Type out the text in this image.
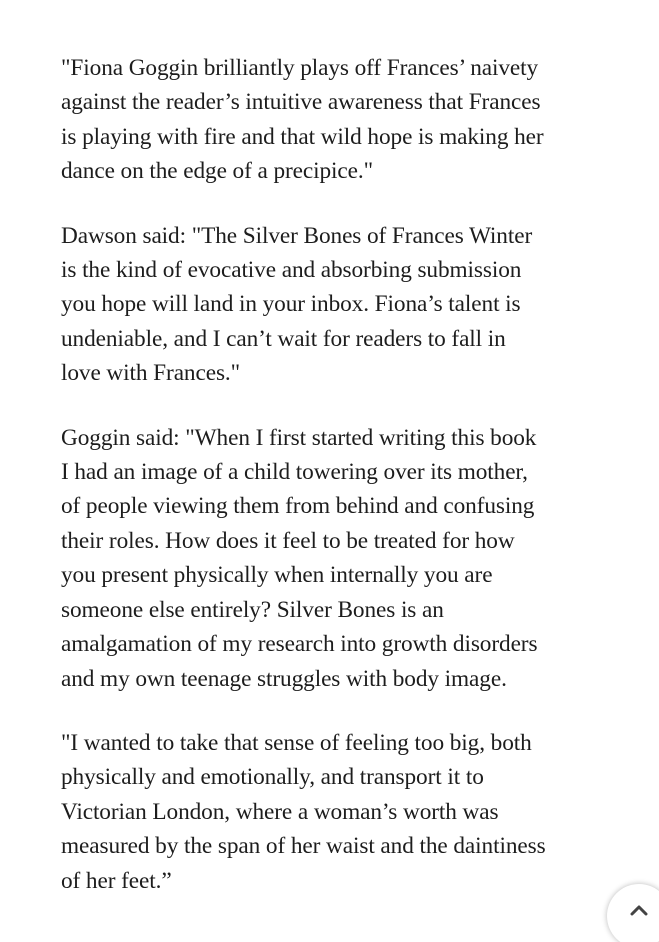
"Fiona Goggin brilliantly plays off Frances’ naivety
against the reader’s intuitive awareness that Frances
is playing with fire and that wild hope is making her
dance on the edge of a precipice."

Dawson said: "The Silver Bones of Frances Winter
is the kind of evocative and absorbing submission
you hope will land in your inbox. Fiona’s talent is
undeniable, and I can’t wait for readers to fall in
love with Frances."

Goggin said: "When I first started writing this book
I had an image of a child towering over its mother,
of people viewing them from behind and confusing
their roles. How does it feel to be treated for how
you present physically when internally you are
someone else entirely? Silver Bones is an
amalgamation of my research into growth disorders
and my own teenage struggles with body image.

"I wanted to take that sense of feeling too big, both
physically and emotionally, and transport it to
Victorian London, where a woman’s worth was
measured by the span of her waist and the daintiness
of her feet.”
